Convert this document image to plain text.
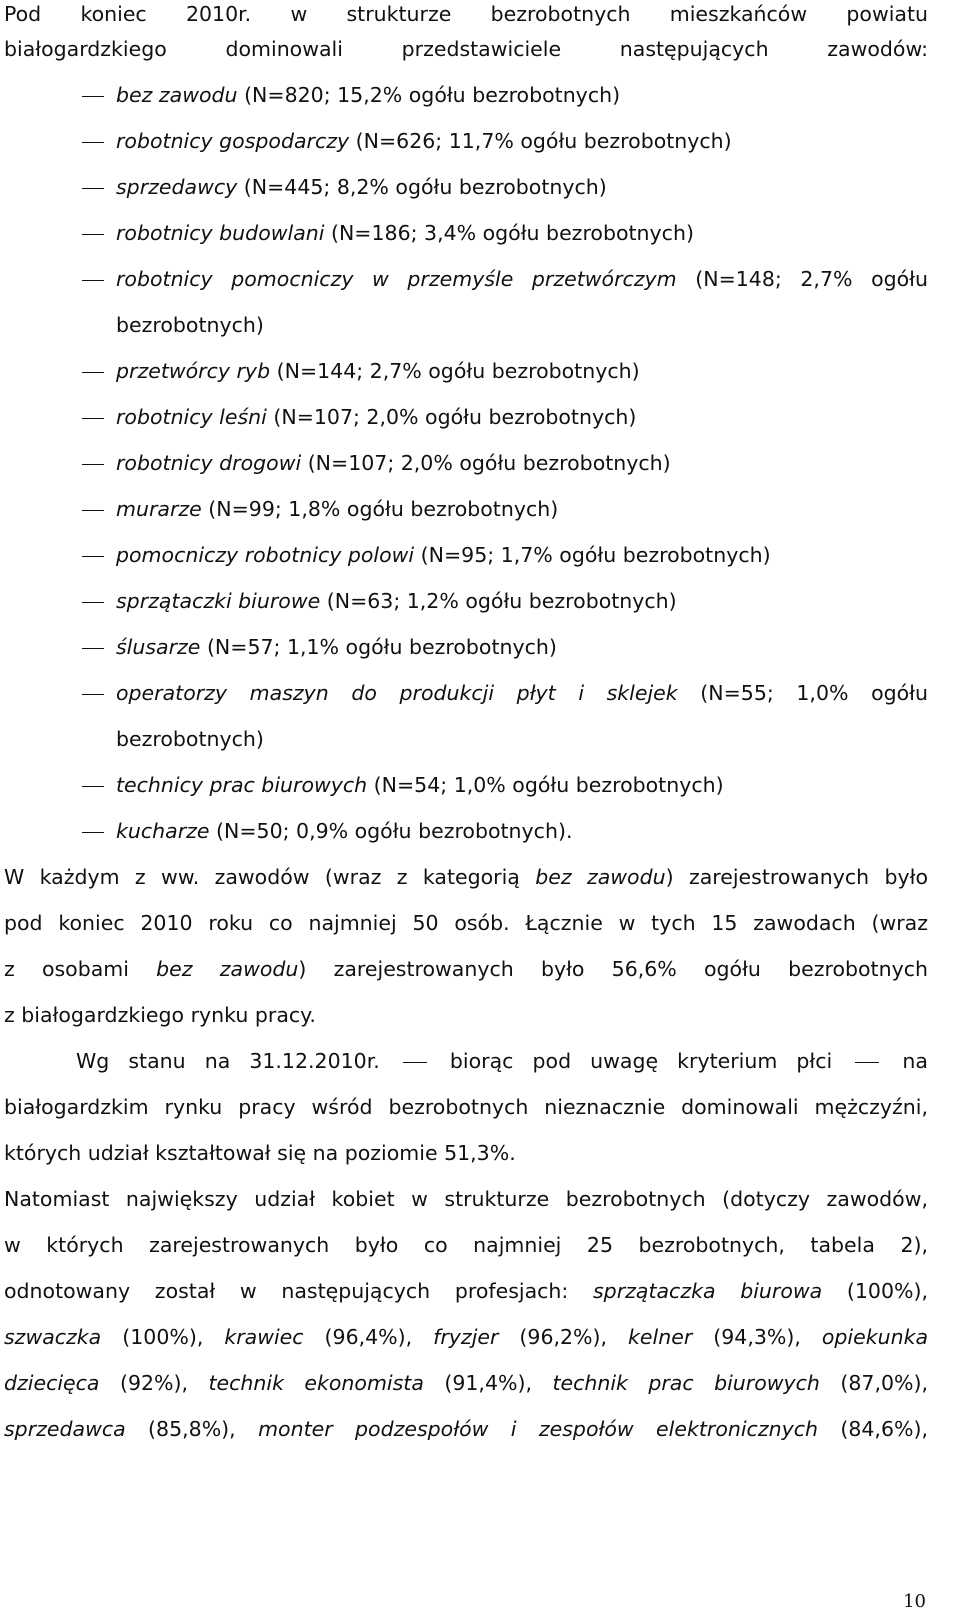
Pod koniec 2010r. w strukturze bezrobotnych mieszkańców powiatu
białogardzkiego dominowali przedstawiciele następujących zawodów:
bez zawodu (N=820; 15,2% ogółu bezrobotnych)
robotnicy gospodarczy (N=626; 11,7% ogółu bezrobotnych)
sprzedawcy (N=445; 8,2% ogółu bezrobotnych)
robotnicy budowlani (N=186; 3,4% ogółu bezrobotnych)
robotnicy pomocniczy w przemyśle przetwórczym (N=148; 2,7% ogółu
bezrobotnych)
przetwórcy ryb (N=144; 2,7% ogółu bezrobotnych)
robotnicy leśni (N=107; 2,0% ogółu bezrobotnych)
robotnicy drogowi (N=107; 2,0% ogółu bezrobotnych)
murarze (N=99; 1,8% ogółu bezrobotnych)
pomocniczy robotnicy polowi (N=95; 1,7% ogółu bezrobotnych)
sprzątaczki biurowe (N=63; 1,2% ogółu bezrobotnych)
ślusarze (N=57; 1,1% ogółu bezrobotnych)
operatorzy maszyn do produkcji płyt i sklejek (N=55; 1,0% ogółu
bezrobotnych)
technicy prac biurowych (N=54; 1,0% ogółu bezrobotnych)
kucharze (N=50; 0,9% ogółu bezrobotnych).
W każdym z ww. zawodów (wraz z kategorią bez zawodu) zarejestrowanych było
pod koniec 2010 roku co najmniej 50 osób. Łącznie w tych 15 zawodach (wraz
z osobami bez zawodu) zarejestrowanych było 56,6% ogółu bezrobotnych
z białogardzkiego rynku pracy.
Wg stanu na 31.12.2010r.	biorąc pod uwagę kryterium płci	na
białogardzkim rynku pracy wśród bezrobotnych nieznacznie dominowali mężczyźni,
których udział kształtował się na poziomie 51,3%.
Natomiast największy udział kobiet w strukturze bezrobotnych (dotyczy zawodów,
w których zarejestrowanych było co najmniej 25 bezrobotnych, tabela 2),
odnotowany został w następujących profesjach: sprzątaczka biurowa (100%),
szwaczka (100%), krawiec (96,4%), fryzjer (96,2%), kelner (94,3%), opiekunka
dziecięca (92%), technik ekonomista (91,4%), technik prac biurowych (87,0%),
sprzedawca (85,8%), monter podzespołów i zespołów elektronicznych (84,6%),
10
